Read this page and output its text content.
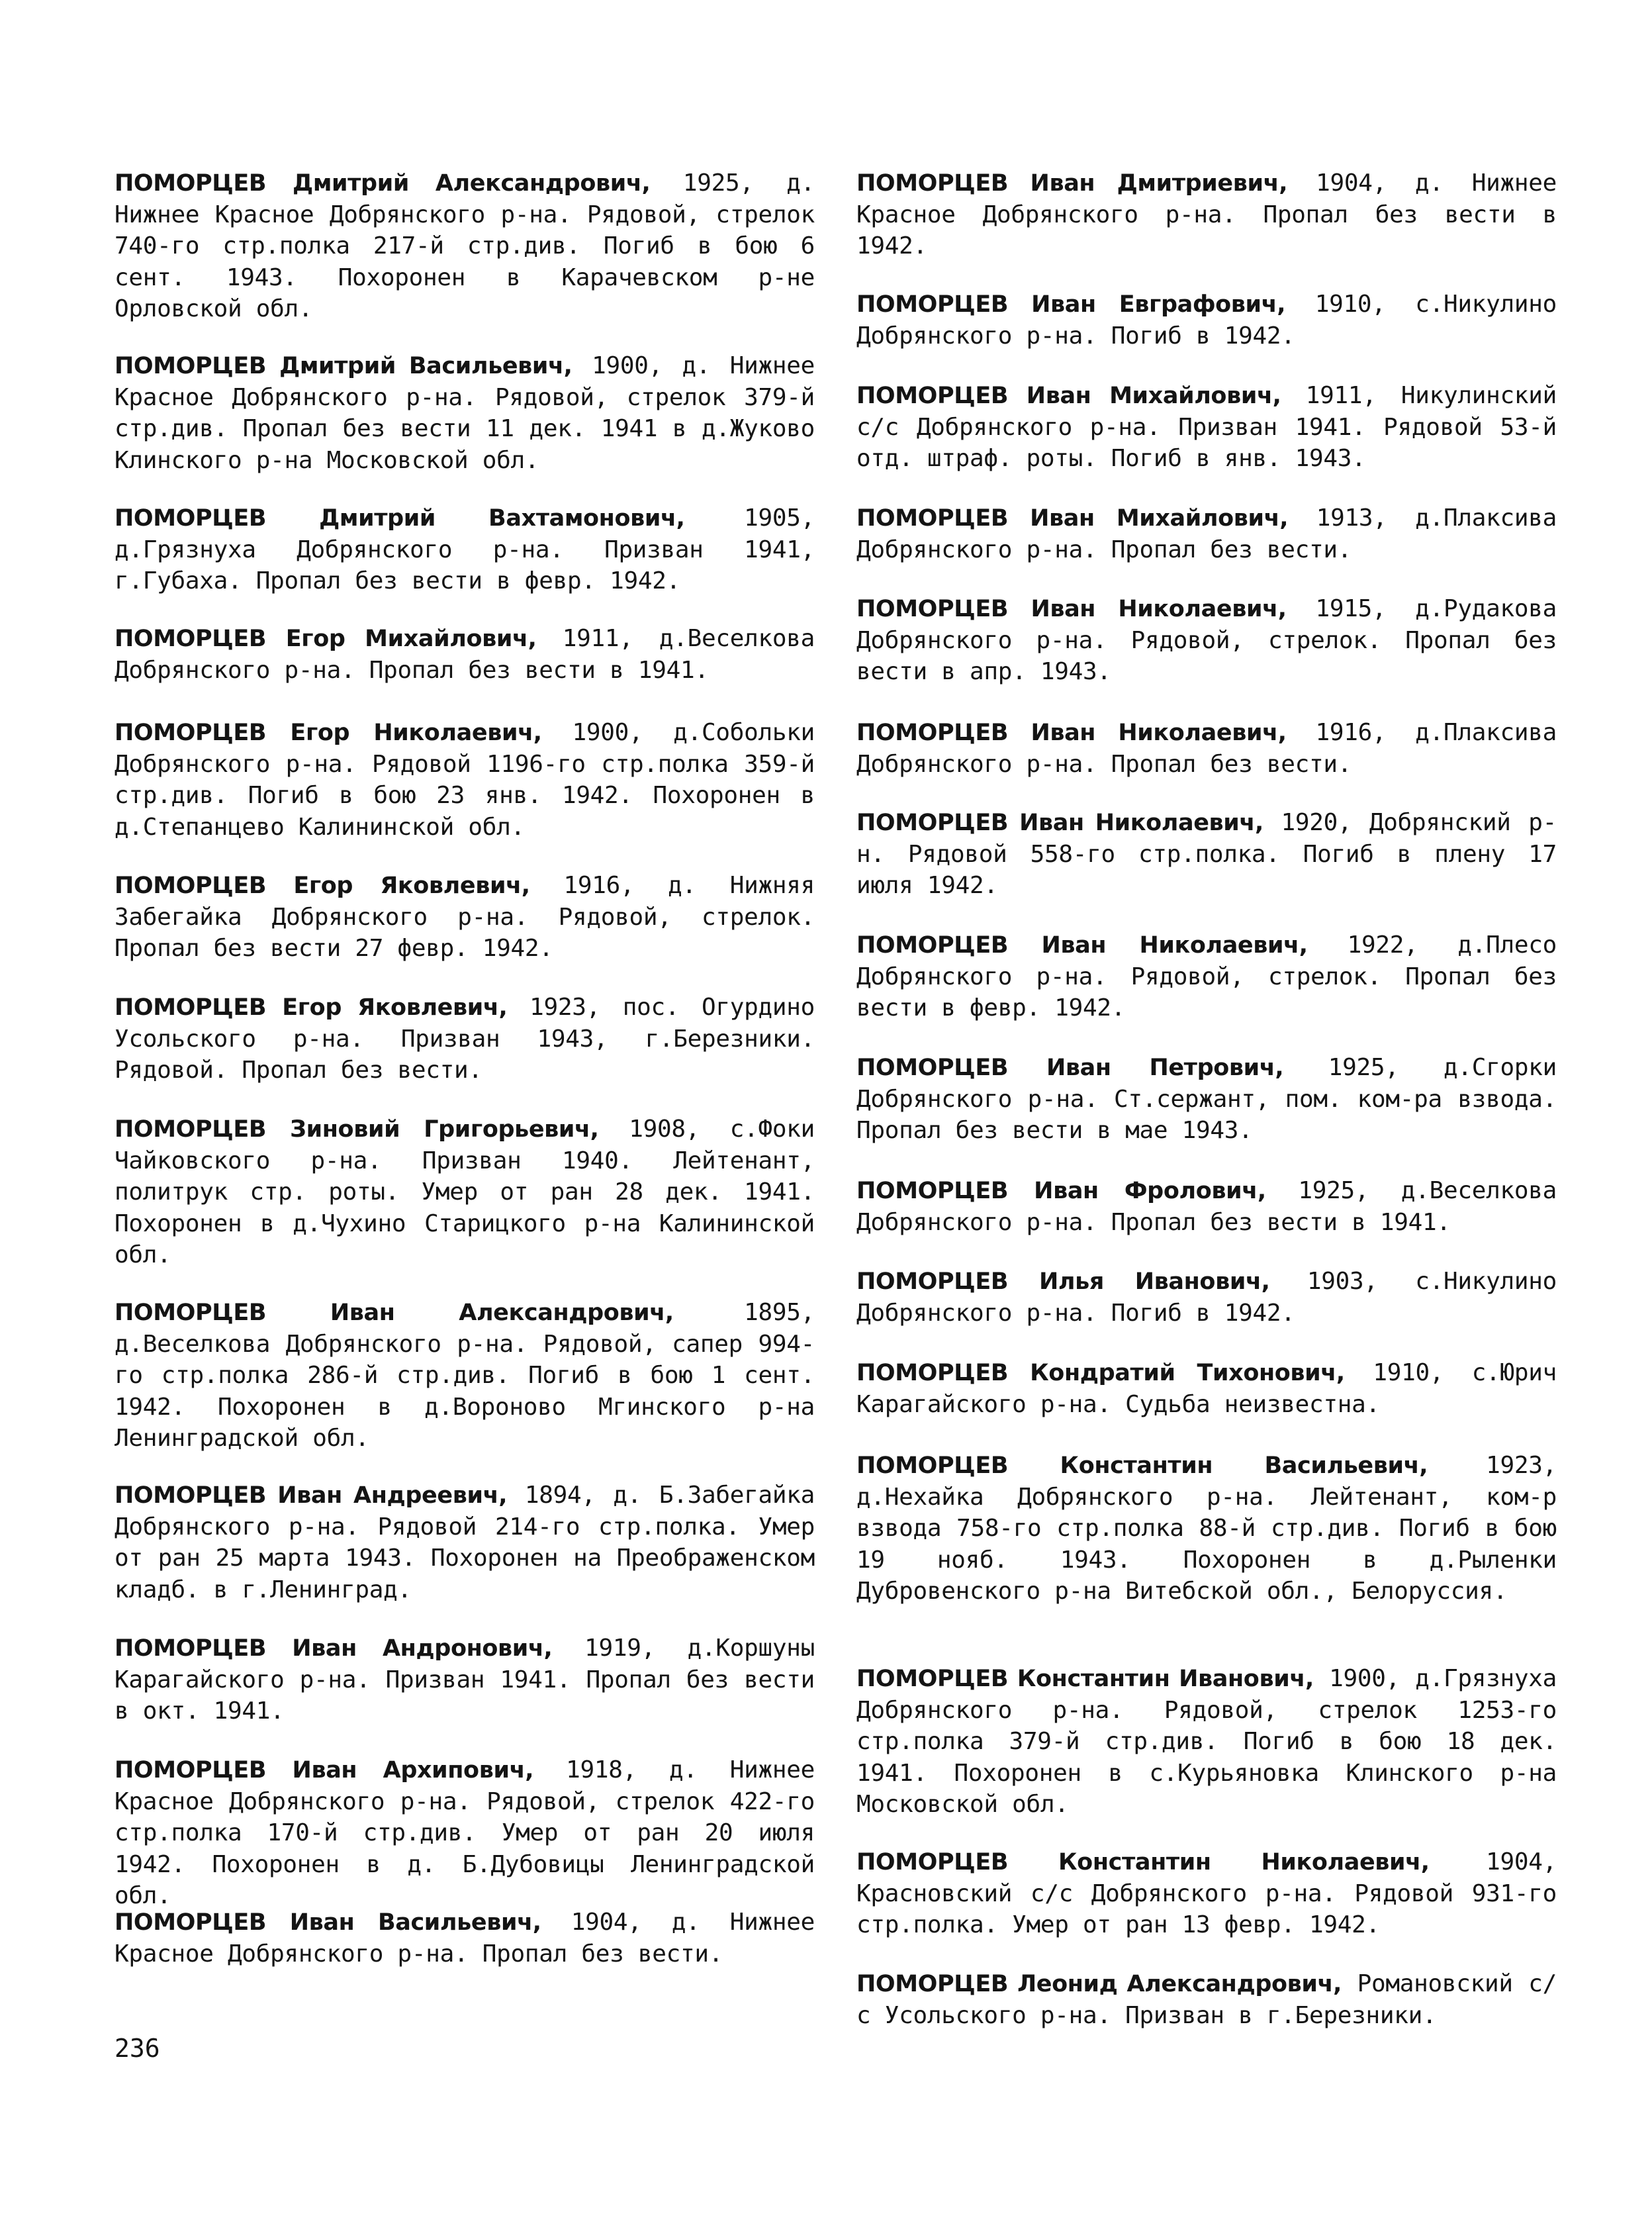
ПОМОРЦЕВ Дмитрий Александрович, 1925, д. Нижнее Красное Добрянского р-на. Рядовой, стрелок 740-го стр.полка 217-й стр.див. Погиб в бою 6 сент. 1943. Похоронен в Карачевском р-не Орловской обл.

ПОМОРЦЕВ Дмитрий Васильевич, 1900, д. Нижнее Красное Добрянского р-на. Рядовой, стрелок 379-й стр.див. Пропал без вести 11 дек. 1941 в д.Жуково Клинского р-на Московской обл.

ПОМОРЦЕВ Дмитрий Вахтамонович, 1905, д.Грязнуха Добрянского р-на. Призван 1941, г.Губаха. Пропал без вести в февр. 1942.

ПОМОРЦЕВ Егор Михайлович, 1911, д.Веселкова Добрянского р-на. Пропал без вести в 1941.

ПОМОРЦЕВ Егор Николаевич, 1900, д.Собольки Добрянского р-на. Рядовой 1196-го стр.полка 359-й стр.див. Погиб в бою 23 янв. 1942. Похоронен в д.Степанцево Калининской обл.

ПОМОРЦЕВ Егор Яковлевич, 1916, д. Нижняя Забегайка Добрянского р-на. Рядовой, стрелок. Пропал без вести 27 февр. 1942.

ПОМОРЦЕВ Егор Яковлевич, 1923, пос. Огурдино Усольского р-на. Призван 1943, г.Березники. Рядовой. Пропал без вести.

ПОМОРЦЕВ Зиновий Григорьевич, 1908, с.Фоки Чайковского р-на. Призван 1940. Лейтенант, политрук стр. роты. Умер от ран 28 дек. 1941. Похоронен в д.Чухино Старицкого р-на Калининской обл.

ПОМОРЦЕВ Иван Александрович, 1895, д.Веселкова Добрянского р-на. Рядовой, сапер 994-го стр.полка 286-й стр.див. Погиб в бою 1 сент. 1942. Похоронен в д.Вороново Мгинского р-на Ленинградской обл.

ПОМОРЦЕВ Иван Андреевич, 1894, д. Б.Забегайка Добрянского р-на. Рядовой 214-го стр.полка. Умер от ран 25 марта 1943. Похоронен на Преображенском кладб. в г.Ленинград.

ПОМОРЦЕВ Иван Андронович, 1919, д.Коршуны Карагайского р-на. Призван 1941. Пропал без вести в окт. 1941.

ПОМОРЦЕВ Иван Архипович, 1918, д. Нижнее Красное Добрянского р-на. Рядовой, стрелок 422-го стр.полка 170-й стр.див. Умер от ран 20 июля 1942. Похоронен в д. Б.Дубовицы Ленинградской обл.

ПОМОРЦЕВ Иван Васильевич, 1904, д. Нижнее Красное Добрянского р-на. Пропал без вести.

ПОМОРЦЕВ Иван Дмитриевич, 1904, д. Нижнее Красное Добрянского р-на. Пропал без вести в 1942.

ПОМОРЦЕВ Иван Евграфович, 1910, с.Никулино Добрянского р-на. Погиб в 1942.

ПОМОРЦЕВ Иван Михайлович, 1911, Никулинский с/с Добрянского р-на. Призван 1941. Рядовой 53-й отд. штраф. роты. Погиб в янв. 1943.

ПОМОРЦЕВ Иван Михайлович, 1913, д.Плаксива Добрянского р-на. Пропал без вести.

ПОМОРЦЕВ Иван Николаевич, 1915, д.Рудакова Добрянского р-на. Рядовой, стрелок. Пропал без вести в апр. 1943.

ПОМОРЦЕВ Иван Николаевич, 1916, д.Плаксива Добрянского р-на. Пропал без вести.

ПОМОРЦЕВ Иван Николаевич, 1920, Добрянский р-н. Рядовой 558-го стр.полка. Погиб в плену 17 июля 1942.

ПОМОРЦЕВ Иван Николаевич, 1922, д.Плесо Добрянского р-на. Рядовой, стрелок. Пропал без вести в февр. 1942.

ПОМОРЦЕВ Иван Петрович, 1925, д.Сгорки Добрянского р-на. Ст.сержант, пом. ком-ра взвода. Пропал без вести в мае 1943.

ПОМОРЦЕВ Иван Фролович, 1925, д.Веселкова Добрянского р-на. Пропал без вести в 1941.

ПОМОРЦЕВ Илья Иванович, 1903, с.Никулино Добрянского р-на. Погиб в 1942.

ПОМОРЦЕВ Кондратий Тихонович, 1910, с.Юрич Карагайского р-на. Судьба неизвестна.

ПОМОРЦЕВ Константин Васильевич, 1923, д.Нехайка Добрянского р-на. Лейтенант, ком-р взвода 758-го стр.полка 88-й стр.див. Погиб в бою 19 нояб. 1943. Похоронен в д.Рыленки Дубровенского р-на Витебской обл., Белоруссия.

ПОМОРЦЕВ Константин Иванович, 1900, д.Грязнуха Добрянского р-на. Рядовой, стрелок 1253-го стр.полка 379-й стр.див. Погиб в бою 18 дек. 1941. Похоронен в с.Курьяновка Клинского р-на Московской обл.

ПОМОРЦЕВ Константин Николаевич, 1904, Красновский с/с Добрянского р-на. Рядовой 931-го стр.полка. Умер от ран 13 февр. 1942.

ПОМОРЦЕВ Леонид Александрович, Романовский с/с Усольского р-на. Призван в г.Березники.

236
